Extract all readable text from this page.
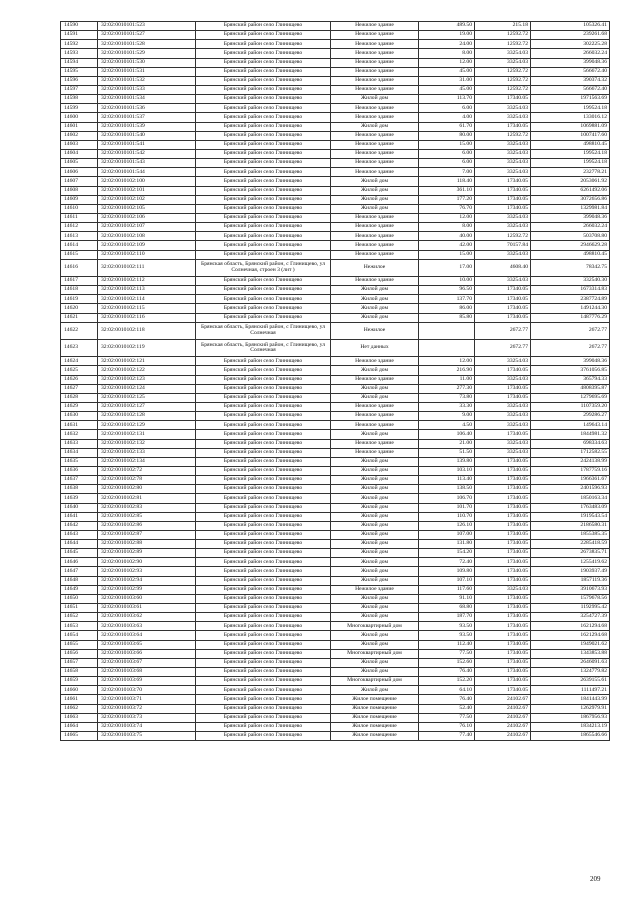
14590	32:02:0010101:523	Брянский район село Глинищево	Нежилое здание	489.50	215.18	105326.41
14591	32:02:0010101:527	Брянский район село Глинищево	Нежилое здание	19.00	12592.72	239261.68
14592	32:02:0010101:528	Брянский район село Глинищево	Нежилое здание	24.00	12592.72	302225.28
14593	32:02:0010101:529	Брянский район село Глинищево	Нежилое здание	8.00	33254.03	266032.24
14594	32:02:0010101:530	Брянский район село Глинищево	Нежилое здание	12.00	33254.03	399048.36
14595	32:02:0010101:531	Брянский район село Глинищево	Нежилое здание	45.00	12592.72	566672.40
14596	32:02:0010101:532	Брянский район село Глинищево	Нежилое здание	31.00	12592.72	390374.32
14597	32:02:0010101:533	Брянский район село Глинищево	Нежилое здание	45.00	12592.72	566672.40
14598	32:02:0010101:534	Брянский район село Глинищево	Жилой дом	113.70	17340.05	1971563.69
14599	32:02:0010101:536	Брянский район село Глинищево	Нежилое здание	6.00	33254.03	199524.18
14600	32:02:0010101:537	Брянский район село Глинищево	Нежилое здание	4.00	33254.03	133016.12
14601	32:02:0010101:539	Брянский район село Глинищево	Жилой дом	61.70	17340.05	1069881.09
14602	32:02:0010101:540	Брянский район село Глинищево	Нежилое здание	80.00	12592.72	1007417.60
14603	32:02:0010101:541	Брянский район село Глинищево	Нежилое здание	15.00	33254.03	498810.45
14604	32:02:0010101:542	Брянский район село Глинищево	Нежилое здание	6.00	33254.03	199524.18
14605	32:02:0010101:543	Брянский район село Глинищево	Нежилое здание	6.00	33254.03	199524.18
14606	32:02:0010101:544	Брянский район село Глинищево	Нежилое здание	7.00	33254.03	232778.21
14607	32:02:0010102:100	Брянский район село Глинищево	Жилой дом	118.40	17340.05	2053061.92
14608	32:02:0010102:101	Брянский район село Глинищево	Жилой дом	361.10	17340.05	6261492.06
14609	32:02:0010102:102	Брянский район село Глинищево	Жилой дом	177.20	17340.05	3072656.86
14610	32:02:0010102:105	Брянский район село Глинищево	Жилой дом	76.70	17340.05	1329981.84
14611	32:02:0010102:106	Брянский район село Глинищево	Нежилое здание	12.00	33254.03	399048.36
14612	32:02:0010102:107	Брянский район село Глинищево	Нежилое здание	8.00	33254.03	266032.24
14613	32:02:0010102:108	Брянский район село Глинищево	Нежилое здание	40.00	12592.72	503708.80
14614	32:02:0010102:109	Брянский район село Глинищево	Нежилое здание	42.00	70157.84	2946629.28
14615	32:02:0010102:110	Брянский район село Глинищево	Нежилое здание	15.00	33254.03	498810.45
14616	32:02:0010102:111	Брянская область, Брянский район, с Глинищево, ул Солнечная, строен 3 (лит )	Нежилое	17.00	4608.40	78342.75
14617	32:02:0010102:112	Брянский район село Глинищево	Нежилое здание	10.00	33254.03	332540.30
14618	32:02:0010102:113	Брянский район село Глинищево	Жилой дом	96.50	17340.05	1673314.83
14619	32:02:0010102:114	Брянский район село Глинищево	Жилой дом	137.70	17340.05	2387724.89
14620	32:02:0010102:115	Брянский район село Глинищево	Жилой дом	86.00	17340.05	1491244.30
14621	32:02:0010102:116	Брянский район село Глинищево	Жилой дом	85.80	17340.05	1487776.29
14622	32:02:0010102:118	Брянская область, Брянский район, с Глинищево, ул Солнечная	Нежилое		2672.77	2672.77
14623	32:02:0010102:119	Брянская область, Брянский район, с Глинищево, ул Солнечная	Нет данных		2672.77	2672.77
14624	32:02:0010102:121	Брянский район село Глинищево	Нежилое здание	12.00	33254.03	399048.36
14625	32:02:0010102:122	Брянский район село Глинищево	Жилой дом	216.90	17340.05	3761056.85
14626	32:02:0010102:123	Брянский район село Глинищево	Нежилое здание	11.00	33254.03	365794.33
14627	32:02:0010102:124	Брянский район село Глинищево	Жилой дом	277.30	17340.05	4808395.87
14628	32:02:0010102:125	Брянский район село Глинищево	Жилой дом	73.80	17340.05	1279695.69
14629	32:02:0010102:127	Брянский район село Глинищево	Нежилое здание	33.30	33254.03	1107359.20
14630	32:02:0010102:128	Брянский район село Глинищево	Нежилое здание	9.00	33254.03	299286.27
14631	32:02:0010102:129	Брянский район село Глинищево	Нежилое здание	4.50	33254.03	149643.14
14632	32:02:0010102:131	Брянский район село Глинищево	Жилой дом	106.40	17340.05	1844981.32
14633	32:02:0010102:132	Брянский район село Глинищево	Нежилое здание	21.00	33254.03	698334.63
14634	32:02:0010102:133	Брянский район село Глинищево	Нежилое здание	51.50	33254.03	1712582.55
14635	32:02:0010102:134	Брянский район село Глинищево	Жилой дом	139.80	17340.05	2424138.99
14636	32:02:0010102:72	Брянский район село Глинищево	Жилой дом	103.10	17340.05	1787759.16
14637	32:02:0010102:78	Брянский район село Глинищево	Жилой дом	113.40	17340.05	1966361.67
14638	32:02:0010102:80	Брянский район село Глинищево	Жилой дом	138.50	17340.05	2401596.93
14639	32:02:0010102:81	Брянский район село Глинищево	Жилой дом	106.70	17340.05	1850163.34
14640	32:02:0010102:83	Брянский район село Глинищево	Жилой дом	101.70	17340.05	1763483.09
14641	32:02:0010102:85	Брянский район село Глинищево	Жилой дом	110.70	17340.05	1919543.54
14642	32:02:0010102:86	Брянский район село Глинищево	Жилой дом	126.10	17340.05	2186580.31
14643	32:02:0010102:87	Брянский район село Глинищево	Жилой дом	107.00	17340.05	1855385.35
14644	32:02:0010102:88	Брянский район село Глинищево	Жилой дом	131.80	17340.05	2285418.59
14645	32:02:0010102:89	Брянский район село Глинищево	Жилой дом	154.20	17340.05	2673835.71
14646	32:02:0010102:90	Брянский район село Глинищево	Жилой дом	72.40	17340.05	1255419.62
14647	32:02:0010102:93	Брянский район село Глинищево	Жилой дом	109.80	17340.05	1903937.49
14648	32:02:0010102:94	Брянский район село Глинищево	Жилой дом	107.10	17340.05	1857119.36
14649	32:02:0010102:99	Брянский район село Глинищево	Нежилое здание	117.60	33254.03	3910673.93
14650	32:02:0010103:60	Брянский район село Глинищево	Жилой дом	91.10	17340.05	1579678.56
14651	32:02:0010103:61	Брянский район село Глинищево	Жилой дом	68.80	17340.05	1192995.42
14652	32:02:0010103:62	Брянский район село Глинищево	Жилой дом	187.70	17340.05	3254727.39
14653	32:02:0010103:63	Брянский район село Глинищево	Многоквартирный дом	93.50	17340.05	1621294.68
14654	32:02:0010103:64	Брянский район село Глинищево	Жилой дом	93.50	17340.05	1621294.68
14655	32:02:0010103:65	Брянский район село Глинищево	Жилой дом	112.40	17340.05	1949021.62
14656	32:02:0010103:66	Брянский район село Глинищево	Многоквартирный дом	77.50	17340.05	1343853.88
14657	32:02:0010103:67	Брянский район село Глинищево	Жилой дом	152.60	17340.05	2646091.63
14658	32:02:0010103:68	Брянский район село Глинищево	Жилой дом	76.40	17340.05	1324779.82
14659	32:02:0010103:69	Брянский район село Глинищево	Многоквартирный дом	152.20	17340.05	2639155.61
14660	32:02:0010103:70	Брянский район село Глинищево	Жилой дом	64.10	17340.05	1111497.21
14661	32:02:0010103:71	Брянский район село Глинищево	Жилое помещение	76.40	24102.67	1841443.99
14662	32:02:0010103:72	Брянский район село Глинищево	Жилое помещение	52.40	24102.67	1262979.91
14663	32:02:0010103:73	Брянский район село Глинищево	Жилое помещение	77.50	24102.67	1867956.93
14664	32:02:0010103:74	Брянский район село Глинищево	Жилое помещение	76.10	24102.67	1834213.19
14665	32:02:0010103:75	Брянский район село Глинищево	Жилое помещение	77.40	24102.67	1865546.66
209
